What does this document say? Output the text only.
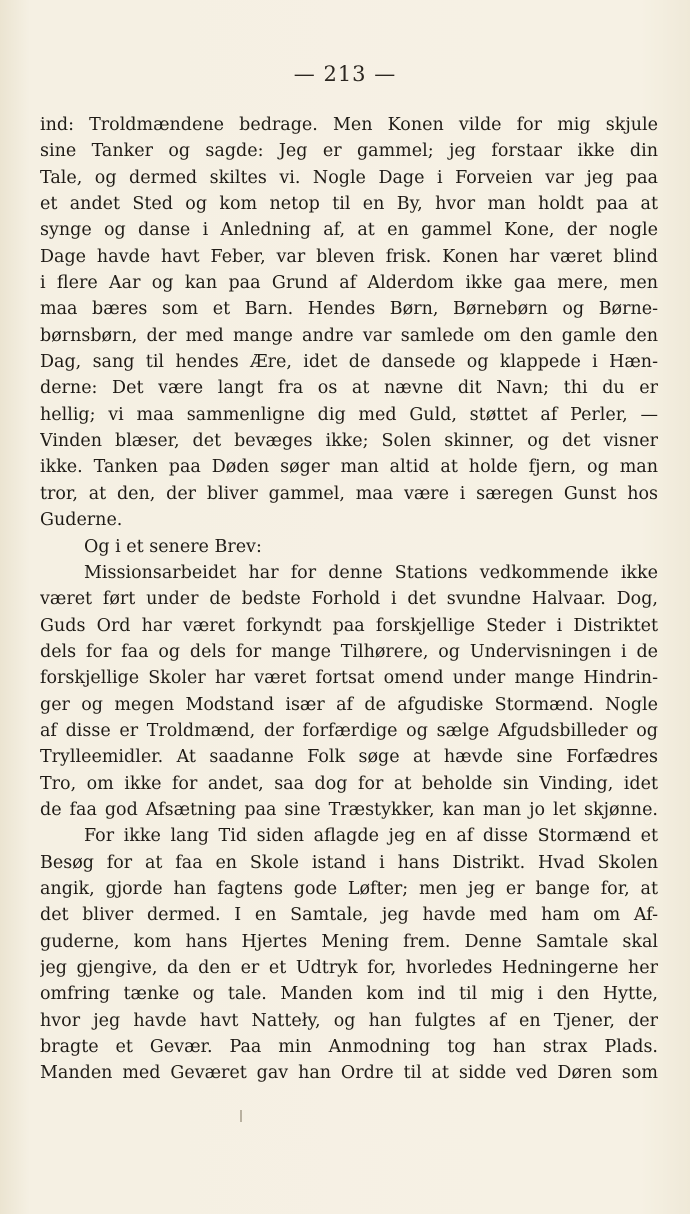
— 213 —
ind: Troldmændene bedrage. Men Konen vilde for mig skjule
sine Tanker og sagde: Jeg er gammel; jeg forstaar ikke din
Tale, og dermed skiltes vi. Nogle Dage i Forveien var jeg paa
et andet Sted og kom netop til en By, hvor man holdt paa at
synge og danse i Anledning af, at en gammel Kone, der nogle
Dage havde havt Feber, var bleven frisk. Konen har været blind
i flere Aar og kan paa Grund af Alderdom ikke gaa mere, men
maa bæres som et Barn. Hendes Børn, Børnebørn og Børne-
børnsbørn, der med mange andre var samlede om den gamle den
Dag, sang til hendes Ære, idet de dansede og klappede i Hæn-
derne: Det være langt fra os at nævne dit Navn; thi du er
hellig; vi maa sammenligne dig med Guld, støttet af Perler, —
Vinden blæser, det bevæges ikke; Solen skinner, og det visner
ikke. Tanken paa Døden søger man altid at holde fjern, og man
tror, at den, der bliver gammel, maa være i særegen Gunst hos
Guderne.
Og i et senere Brev:
Missionsarbeidet har for denne Stations vedkommende ikke
været ført under de bedste Forhold i det svundne Halvaar. Dog,
Guds Ord har været forkyndt paa forskjellige Steder i Distriktet
dels for faa og dels for mange Tilhørere, og Undervisningen i de
forskjellige Skoler har været fortsat omend under mange Hindrin-
ger og megen Modstand især af de afgudiske Stormænd. Nogle
af disse er Troldmænd, der forfærdige og sælge Afgudsbilleder og
Trylleemidler. At saadanne Folk søge at hævde sine Forfædres
Tro, om ikke for andet, saa dog for at beholde sin Vinding, idet
de faa god Afsætning paa sine Træstykker, kan man jo let skjønne.
For ikke lang Tid siden aflagde jeg en af disse Stormænd et
Besøg for at faa en Skole istand i hans Distrikt. Hvad Skolen
angik, gjorde han fagtens gode Løfter; men jeg er bange for, at
det bliver dermed. I en Samtale, jeg havde med ham om Af-
guderne, kom hans Hjertes Mening frem. Denne Samtale skal
jeg gjengive, da den er et Udtryk for, hvorledes Hedningerne her
omfring tænke og tale. Manden kom ind til mig i den Hytte,
hvor jeg havde havt Natteły, og han fulgtes af en Tjener, der
bragte et Gevær. Paa min Anmodning tog han strax Plads.
Manden med Geværet gav han Ordre til at sidde ved Døren som
